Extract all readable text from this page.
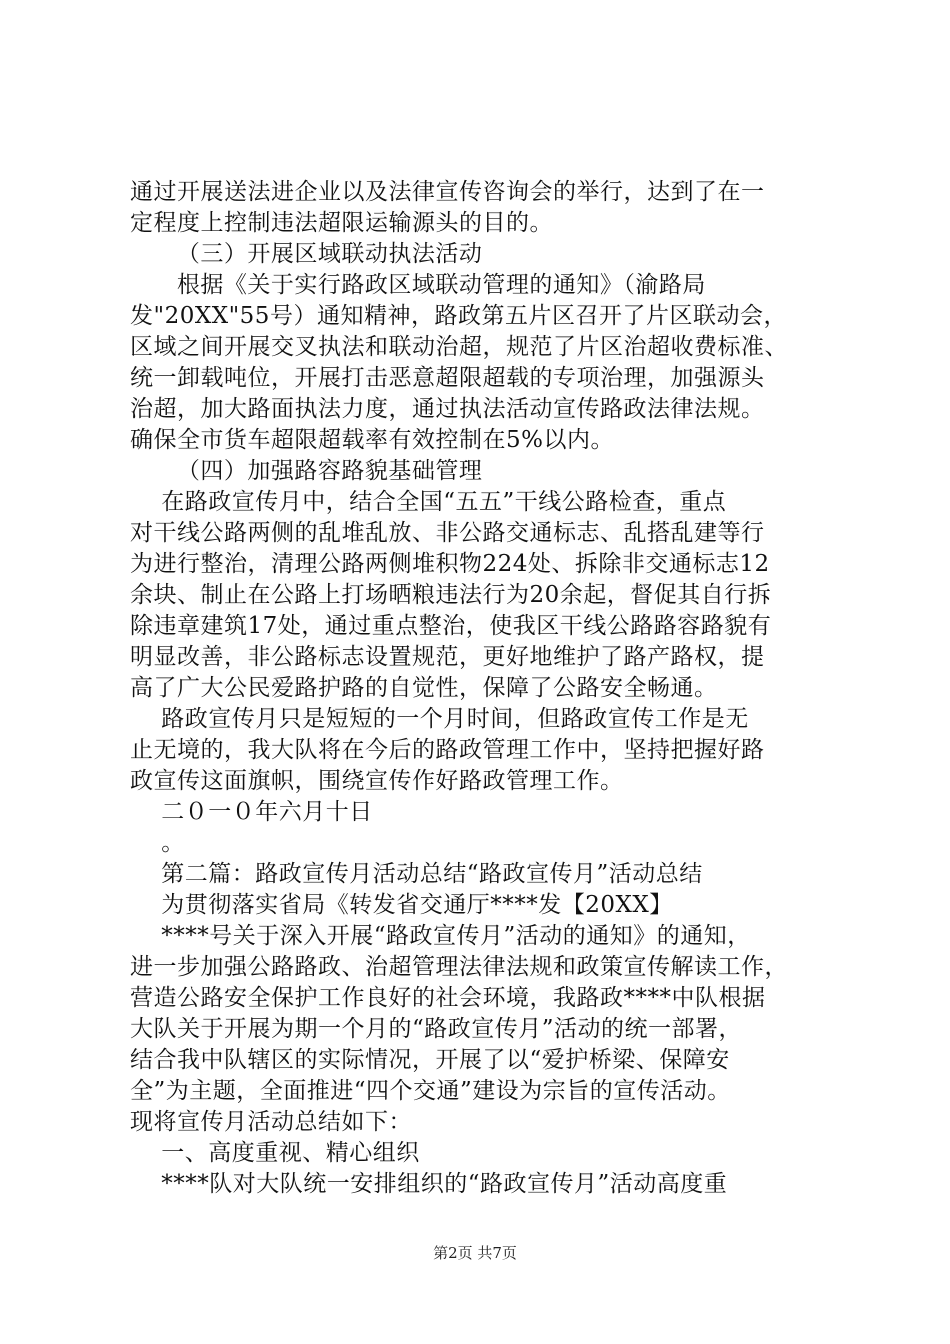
通过开展送法进企业以及法律宣传咨询会的举行，达到了在一
定程度上控制违法超限运输源头的目的。
（三）开展区域联动执法活动
根据《关于实行路政区域联动管理的通知》（渝路局
发"20XX"55号）通知精神，路政第五片区召开了片区联动会，
区域之间开展交叉执法和联动治超，规范了片区治超收费标准、
统一卸载吨位，开展打击恶意超限超载的专项治理，加强源头
治超，加大路面执法力度，通过执法活动宣传路政法律法规。
确保全市货车超限超载率有效控制在5%以内。
（四）加强路容路貌基础管理
在路政宣传月中，结合全国“五五”干线公路检查，重点
对干线公路两侧的乱堆乱放、非公路交通标志、乱搭乱建等行
为进行整治，清理公路两侧堆积物224处、拆除非交通标志12
余块、制止在公路上打场晒粮违法行为20余起，督促其自行拆
除违章建筑17处，通过重点整治，使我区干线公路路容路貌有
明显改善，非公路标志设置规范，更好地维护了路产路权，提
高了广大公民爱路护路的自觉性，保障了公路安全畅通。
路政宣传月只是短短的一个月时间，但路政宣传工作是无
止无境的，我大队将在今后的路政管理工作中，坚持把握好路
政宣传这面旗帜，围绕宣传作好路政管理工作。
二０一０年六月十日
。
第二篇：路政宣传月活动总结“路政宣传月”活动总结
为贯彻落实省局《转发省交通厅****发【20XX】
****号关于深入开展“路政宣传月”活动的通知》的通知，
进一步加强公路路政、治超管理法律法规和政策宣传解读工作，
营造公路安全保护工作良好的社会环境，我路政****中队根据
大队关于开展为期一个月的“路政宣传月”活动的统一部署，
结合我中队辖区的实际情况，开展了以“爱护桥梁、保障安
全”为主题，全面推进“四个交通”建设为宗旨的宣传活动。
现将宣传月活动总结如下：
一、高度重视、精心组织
****队对大队统一安排组织的“路政宣传月”活动高度重
第2页 共7页
